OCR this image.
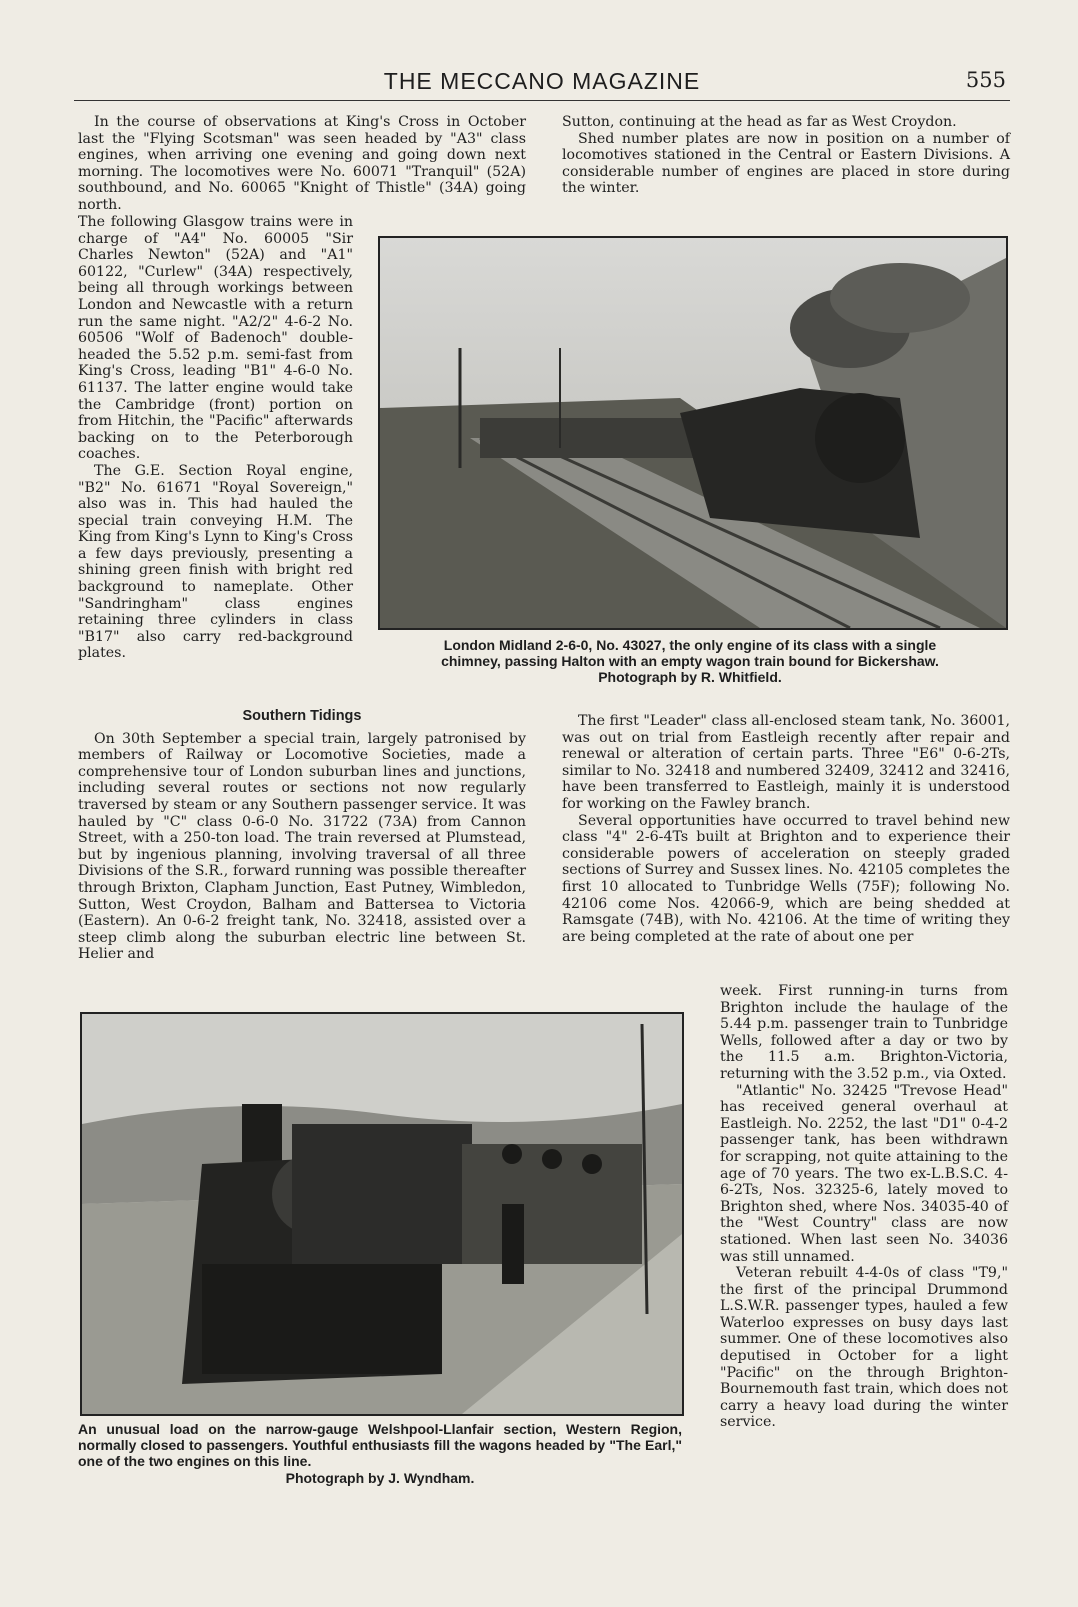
THE MECCANO MAGAZINE	555

In the course of observations at King's Cross in October last the "Flying Scotsman" was seen headed by "A3" class engines, when arriving one evening and going down next morning. The locomotives were No. 60071 "Tranquil" (52A) southbound, and No. 60065 "Knight of Thistle" (34A) going north.

The following Glasgow trains were in charge of "A4" No. 60005 "Sir Charles Newton" (52A) and "A1" 60122, "Curlew" (34A) respectively, being all through workings between London and Newcastle with a return run the same night. "A2/2" 4-6-2 No. 60506 "Wolf of Badenoch" double-headed the 5.52 p.m. semi-fast from King's Cross, leading "B1" 4-6-0 No. 61137. The latter engine would take the Cambridge (front) portion on from Hitchin, the "Pacific" afterwards backing on to the Peterborough coaches.

The G.E. Section Royal engine, "B2" No. 61671 "Royal Sovereign," also was in. This had hauled the special train conveying H.M. The King from King's Lynn to King's Cross a few days previously, presenting a shining green finish with bright red background to nameplate. Other "Sandringham" class engines retaining three cylinders in class "B17" also carry red-background plates.

Sutton, continuing at the head as far as West Croydon.

Shed number plates are now in position on a number of locomotives stationed in the Central or Eastern Divisions. A considerable number of engines are placed in store during the winter.

London Midland 2-6-0, No. 43027, the only engine of its class with a single
chimney, passing Halton with an empty wagon train bound for Bickershaw.
Photograph by R. Whitfield.
Southern Tidings

On 30th September a special train, largely patronised by members of Railway or Locomotive Societies, made a comprehensive tour of London suburban lines and junctions, including several routes or sections not now regularly traversed by steam or any Southern passenger service. It was hauled by "C" class 0-6-0 No. 31722 (73A) from Cannon Street, with a 250-ton load. The train reversed at Plumstead, but by ingenious planning, involving traversal of all three Divisions of the S.R., forward running was possible thereafter through Brixton, Clapham Junction, East Putney, Wimbledon, Sutton, West Croydon, Balham and Battersea to Victoria (Eastern). An 0-6-2 freight tank, No. 32418, assisted over a steep climb along the suburban electric line between St. Helier and

The first "Leader" class all-enclosed steam tank, No. 36001, was out on trial from Eastleigh recently after repair and renewal or alteration of certain parts. Three "E6" 0-6-2Ts, similar to No. 32418 and numbered 32409, 32412 and 32416, have been transferred to Eastleigh, mainly it is understood for working on the Fawley branch.

Several opportunities have occurred to travel behind new class "4" 2-6-4Ts built at Brighton and to experience their considerable powers of acceleration on steeply graded sections of Surrey and Sussex lines. No. 42105 completes the first 10 allocated to Tunbridge Wells (75F); following No. 42106 come Nos. 42066-9, which are being shedded at Ramsgate (74B), with No. 42106. At the time of writing they are being completed at the rate of about one per

week. First running-in turns from Brighton include the haulage of the 5.44 p.m. passenger train to Tunbridge Wells, followed after a day or two by the 11.5 a.m. Brighton-Victoria, returning with the 3.52 p.m., via Oxted.

"Atlantic" No. 32425 "Trevose Head" has received general overhaul at Eastleigh. No. 2252, the last "D1" 0-4-2 passenger tank, has been withdrawn for scrapping, not quite attaining to the age of 70 years. The two ex-L.B.S.C. 4-6-2Ts, Nos. 32325-6, lately moved to Brighton shed, where Nos. 34035-40 of the "West Country" class are now stationed. When last seen No. 34036 was still unnamed.

Veteran rebuilt 4-4-0s of class "T9," the first of the principal Drummond L.S.W.R. passenger types, hauled a few Waterloo expresses on busy days last summer. One of these locomotives also deputised in October for a light "Pacific" on the through Brighton-Bournemouth fast train, which does not carry a heavy load during the winter service.

An unusual load on the narrow-gauge Welshpool-Llanfair section, Western Region, normally closed to passengers. Youthful enthusiasts fill the wagons headed by "The Earl," one of the two engines on this line.
Photograph by J. Wyndham.
